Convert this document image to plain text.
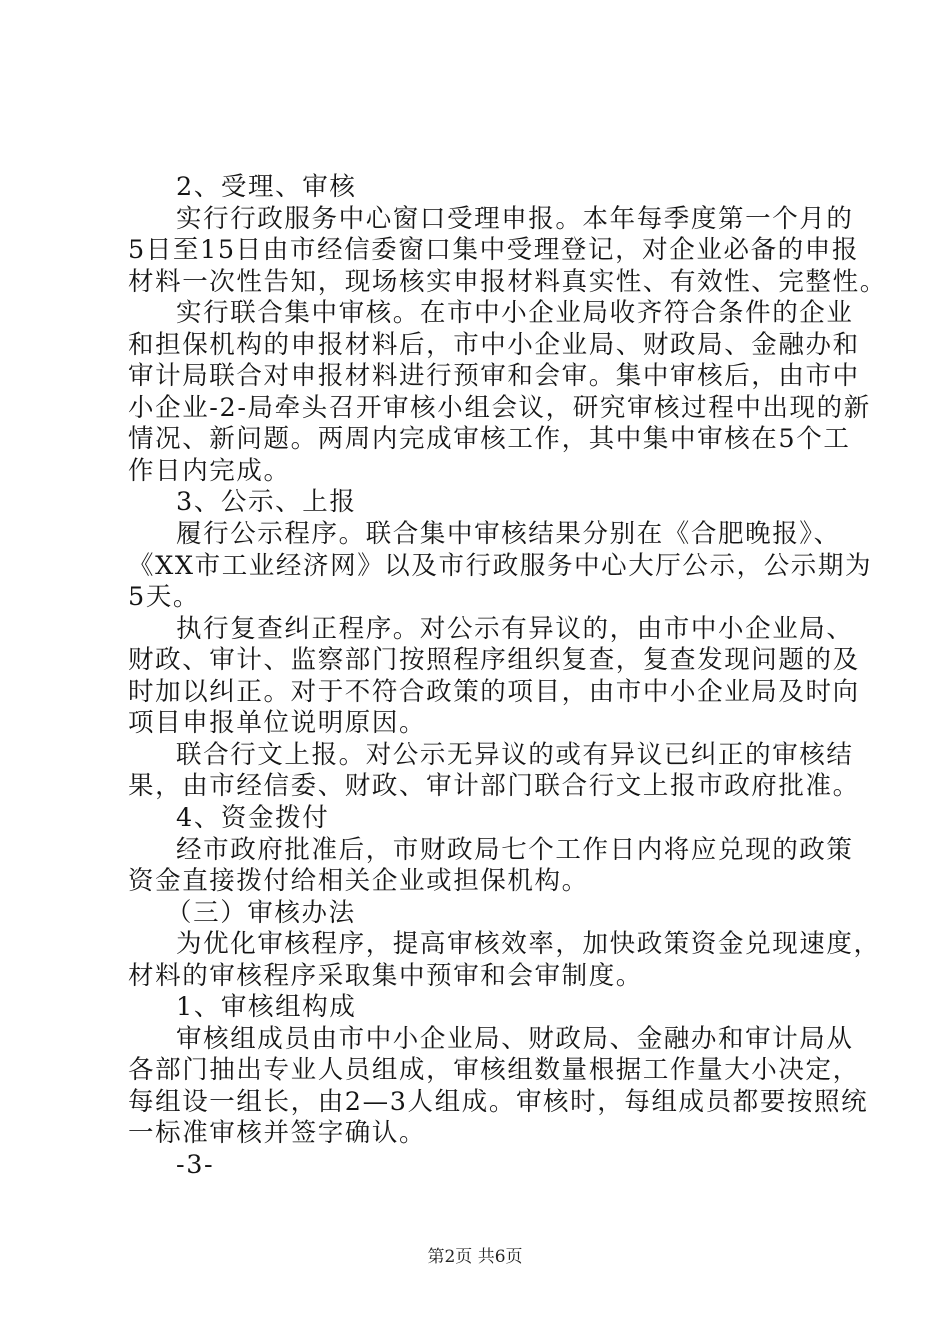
2、受理、审核
实行行政服务中心窗口受理申报。本年每季度第一个月的
5日至15日由市经信委窗口集中受理登记，对企业必备的申报
材料一次性告知，现场核实申报材料真实性、有效性、完整性。
实行联合集中审核。在市中小企业局收齐符合条件的企业
和担保机构的申报材料后，市中小企业局、财政局、金融办和
审计局联合对申报材料进行预审和会审。集中审核后，由市中
小企业-2-局牵头召开审核小组会议，研究审核过程中出现的新
情况、新问题。两周内完成审核工作，其中集中审核在5个工
作日内完成。
3、公示、上报
履行公示程序。联合集中审核结果分别在《合肥晚报》、
《XX市工业经济网》以及市行政服务中心大厅公示，公示期为
5天。
执行复查纠正程序。对公示有异议的，由市中小企业局、
财政、审计、监察部门按照程序组织复查，复查发现问题的及
时加以纠正。对于不符合政策的项目，由市中小企业局及时向
项目申报单位说明原因。
联合行文上报。对公示无异议的或有异议已纠正的审核结
果，由市经信委、财政、审计部门联合行文上报市政府批准。
4、资金拨付
经市政府批准后，市财政局七个工作日内将应兑现的政策
资金直接拨付给相关企业或担保机构。
（三）审核办法
为优化审核程序，提高审核效率，加快政策资金兑现速度，
材料的审核程序采取集中预审和会审制度。
1、审核组构成
审核组成员由市中小企业局、财政局、金融办和审计局从
各部门抽出专业人员组成，审核组数量根据工作量大小决定，
每组设一组长，由2—3人组成。审核时，每组成员都要按照统
一标准审核并签字确认。
-3-
第2页 共6页
